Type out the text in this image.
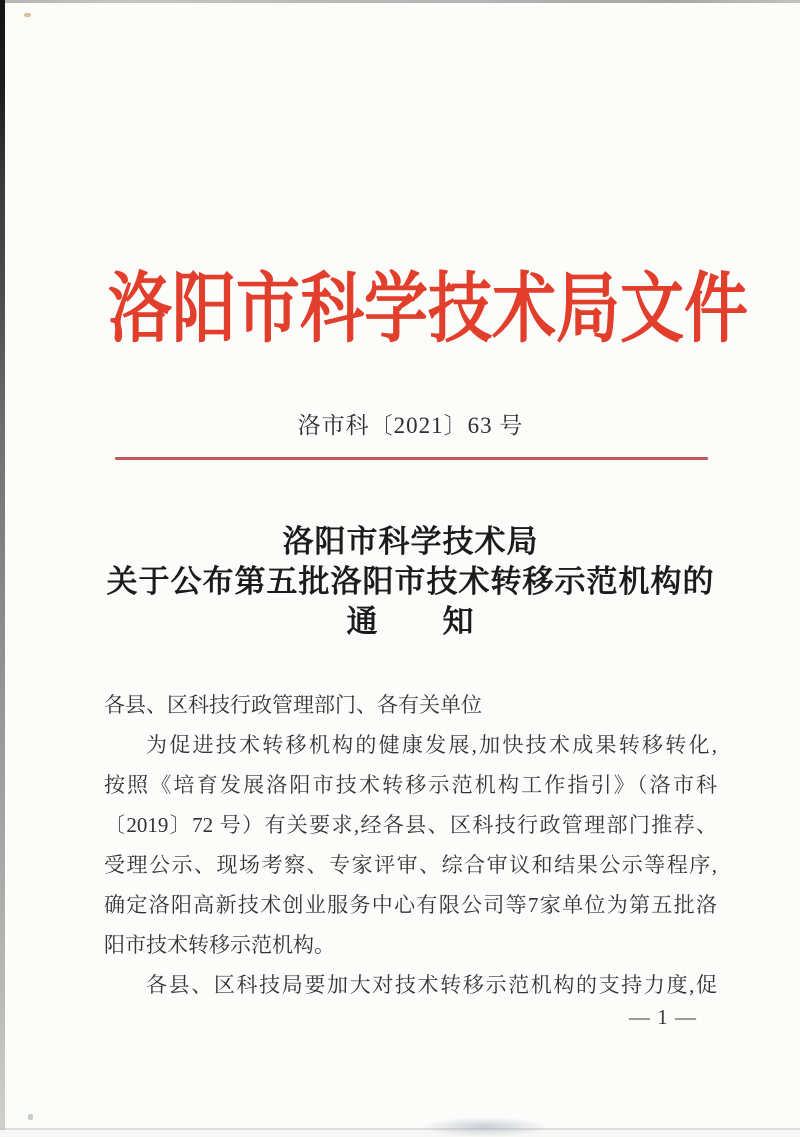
洛阳市科学技术局文件
洛市科〔2021〕63 号
洛阳市科学技术局
关于公布第五批洛阳市技术转移示范机构的
通　　知
各县、区科技行政管理部门、各有关单位
为促进技术转移机构的健康发展,加快技术成果转移转化,
按照《培育发展洛阳市技术转移示范机构工作指引》（洛市科
〔2019〕72 号）有关要求,经各县、区科技行政管理部门推荐、
受理公示、现场考察、专家评审、综合审议和结果公示等程序,
确定洛阳高新技术创业服务中心有限公司等7家单位为第五批洛
阳市技术转移示范机构。
各县、区科技局要加大对技术转移示范机构的支持力度,促
— 1 —
